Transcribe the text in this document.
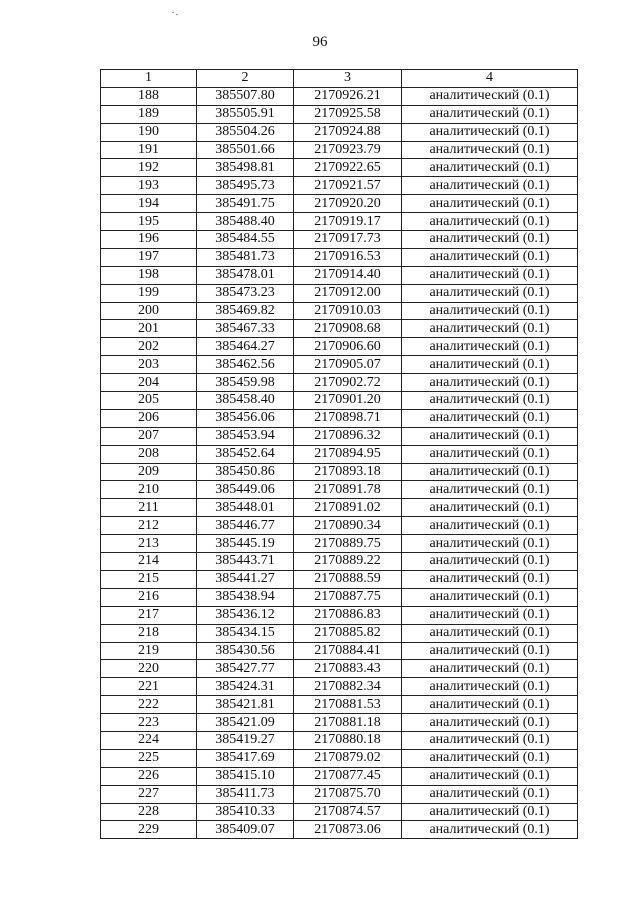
96
1	2	3	4
188	385507.80	2170926.21	аналитический (0.1)
189	385505.91	2170925.58	аналитический (0.1)
190	385504.26	2170924.88	аналитический (0.1)
191	385501.66	2170923.79	аналитический (0.1)
192	385498.81	2170922.65	аналитический (0.1)
193	385495.73	2170921.57	аналитический (0.1)
194	385491.75	2170920.20	аналитический (0.1)
195	385488.40	2170919.17	аналитический (0.1)
196	385484.55	2170917.73	аналитический (0.1)
197	385481.73	2170916.53	аналитический (0.1)
198	385478.01	2170914.40	аналитический (0.1)
199	385473.23	2170912.00	аналитический (0.1)
200	385469.82	2170910.03	аналитический (0.1)
201	385467.33	2170908.68	аналитический (0.1)
202	385464.27	2170906.60	аналитический (0.1)
203	385462.56	2170905.07	аналитический (0.1)
204	385459.98	2170902.72	аналитический (0.1)
205	385458.40	2170901.20	аналитический (0.1)
206	385456.06	2170898.71	аналитический (0.1)
207	385453.94	2170896.32	аналитический (0.1)
208	385452.64	2170894.95	аналитический (0.1)
209	385450.86	2170893.18	аналитический (0.1)
210	385449.06	2170891.78	аналитический (0.1)
211	385448.01	2170891.02	аналитический (0.1)
212	385446.77	2170890.34	аналитический (0.1)
213	385445.19	2170889.75	аналитический (0.1)
214	385443.71	2170889.22	аналитический (0.1)
215	385441.27	2170888.59	аналитический (0.1)
216	385438.94	2170887.75	аналитический (0.1)
217	385436.12	2170886.83	аналитический (0.1)
218	385434.15	2170885.82	аналитический (0.1)
219	385430.56	2170884.41	аналитический (0.1)
220	385427.77	2170883.43	аналитический (0.1)
221	385424.31	2170882.34	аналитический (0.1)
222	385421.81	2170881.53	аналитический (0.1)
223	385421.09	2170881.18	аналитический (0.1)
224	385419.27	2170880.18	аналитический (0.1)
225	385417.69	2170879.02	аналитический (0.1)
226	385415.10	2170877.45	аналитический (0.1)
227	385411.73	2170875.70	аналитический (0.1)
228	385410.33	2170874.57	аналитический (0.1)
229	385409.07	2170873.06	аналитический (0.1)
